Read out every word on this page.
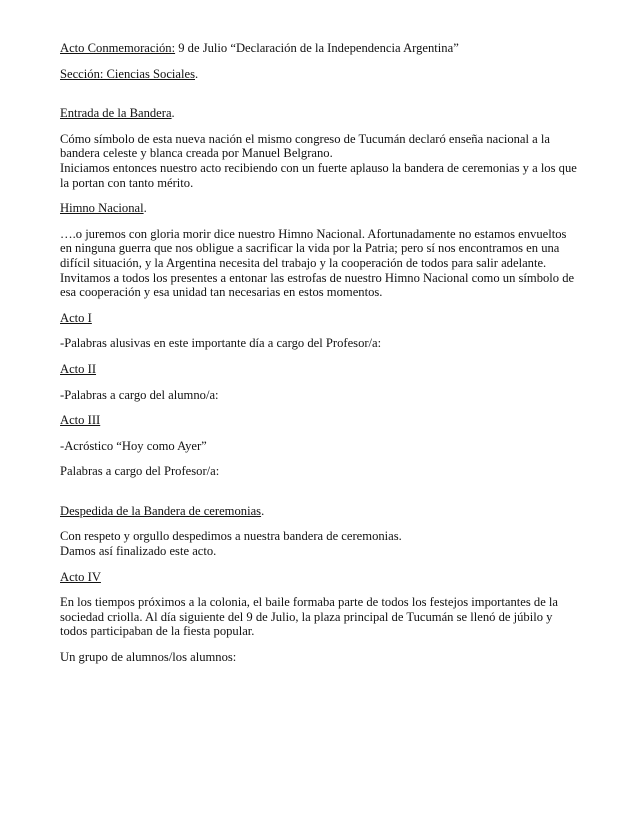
Acto Conmemoración: 9 de Julio “Declaración de la Independencia Argentina”

Sección: Ciencias Sociales.

Entrada de la Bandera.

Cómo símbolo de esta nueva nación el mismo congreso de Tucumán declaró enseña nacional a la bandera celeste y blanca creada por Manuel Belgrano.

Iniciamos entonces nuestro acto recibiendo con un fuerte aplauso la bandera de ceremonias y a los que la portan con tanto mérito.

Himno Nacional.

….o juremos con gloria morir dice nuestro Himno Nacional. Afortunadamente no estamos envueltos en ninguna guerra que nos obligue a sacrificar la vida por la Patria; pero sí nos encontramos en una difícil situación, y la Argentina necesita del trabajo y la cooperación de todos para salir adelante.

Invitamos a todos los presentes a entonar las estrofas de nuestro Himno Nacional como un símbolo de esa cooperación y esa unidad tan necesarias en estos momentos.

Acto I

-Palabras alusivas en este importante día a cargo del Profesor/a:

Acto II

-Palabras a cargo del alumno/a:

Acto III

-Acróstico “Hoy como Ayer”

Palabras a cargo del Profesor/a:

Despedida de la Bandera de ceremonias.

Con respeto y orgullo despedimos a nuestra bandera de ceremonias.

Damos así finalizado este acto.

Acto IV

En los tiempos próximos a la colonia, el baile formaba parte de todos los festejos importantes de la sociedad criolla. Al día siguiente del 9 de Julio, la plaza principal de Tucumán se llenó de júbilo y todos participaban de la fiesta popular.

Un grupo de alumnos/los alumnos:
